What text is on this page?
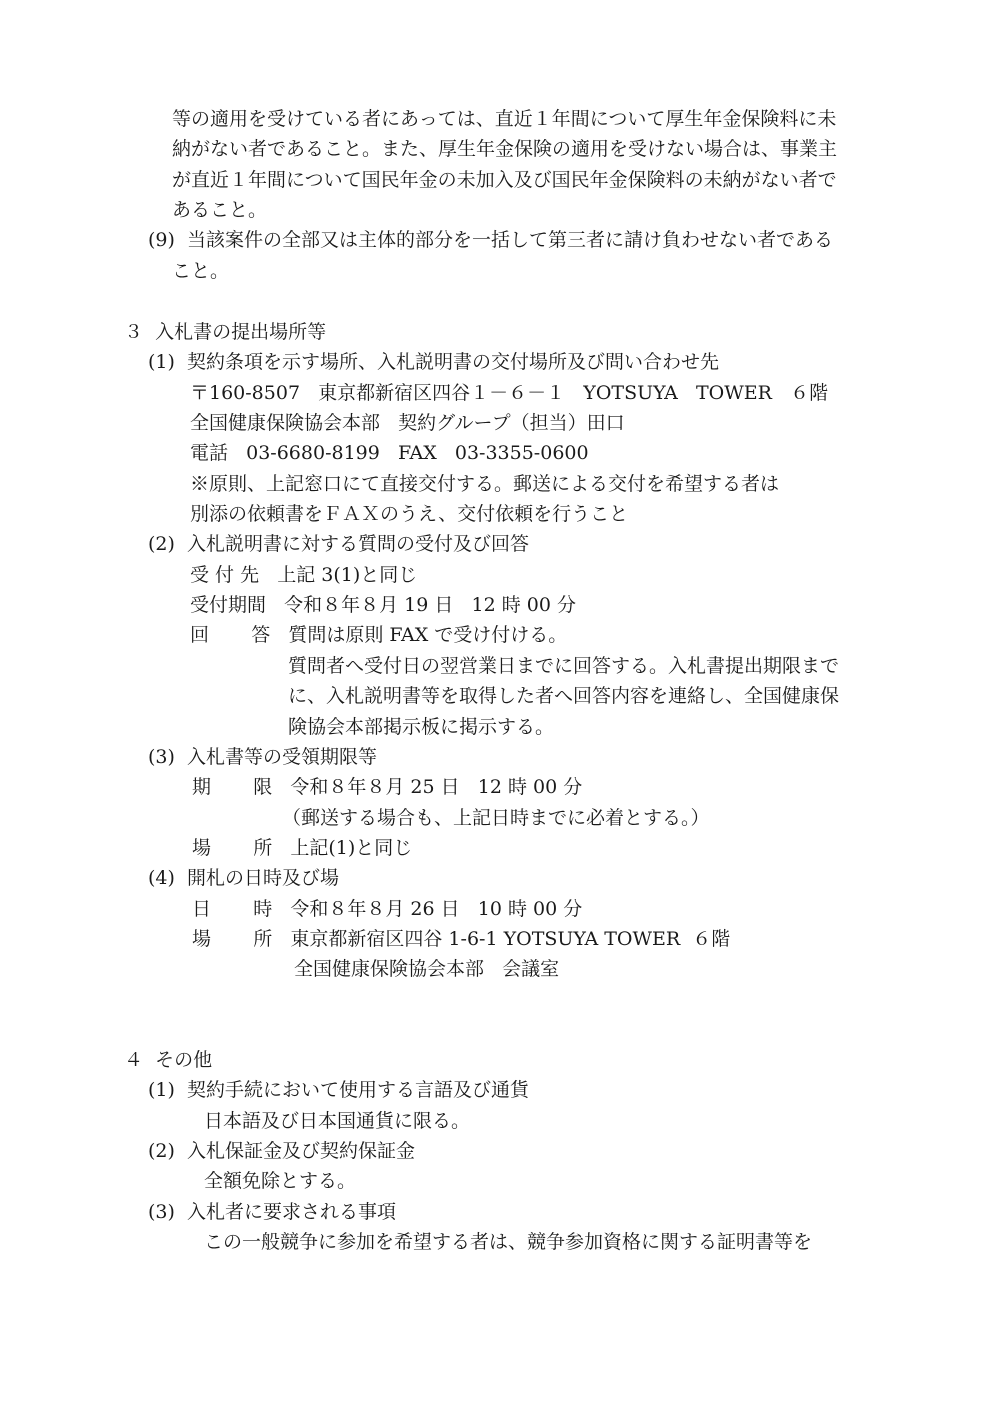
等の適用を受けている者にあっては、直近１年間について厚生年金保険料に未
納がない者であること。また、厚生年金保険の適用を受けない場合は、事業主
が直近１年間について国民年金の未加入及び国民年金保険料の未納がない者で
あること。
(9)  当該案件の全部又は主体的部分を一括して第三者に請け負わせない者である
こと。
３  入札書の提出場所等
(1)  契約条項を示す場所、入札説明書の交付場所及び問い合わせ先
〒160-8507   東京都新宿区四谷１－６－１   YOTSUYA   TOWER   ６階
全国健康保険協会本部   契約グループ（担当）田口
電話   03-6680-8199   FAX   03-3355-0600
※原則、上記窓口にて直接交付する。郵送による交付を希望する者は
別添の依頼書をＦＡＸのうえ、交付依頼を行うこと
(2)  入札説明書に対する質問の受付及び回答
受 付 先   上記 3(1)と同じ
受付期間   令和８年８月 19 日   12 時 00 分
回       答   質問は原則 FAX で受け付ける。
質問者へ受付日の翌営業日までに回答する。入札書提出期限まで
に、入札説明書等を取得した者へ回答内容を連絡し、全国健康保
険協会本部掲示板に掲示する。
(3)  入札書等の受領期限等
期       限   令和８年８月 25 日   12 時 00 分
（郵送する場合も、上記日時までに必着とする。）
場       所   上記(1)と同じ
(4)  開札の日時及び場
日       時   令和８年８月 26 日   10 時 00 分
場       所   東京都新宿区四谷 1-6-1 YOTSUYA TOWER  ６階
全国健康保険協会本部   会議室
４  その他
(1)  契約手続において使用する言語及び通貨
日本語及び日本国通貨に限る。
(2)  入札保証金及び契約保証金
全額免除とする。
(3)  入札者に要求される事項
この一般競争に参加を希望する者は、競争参加資格に関する証明書等を
